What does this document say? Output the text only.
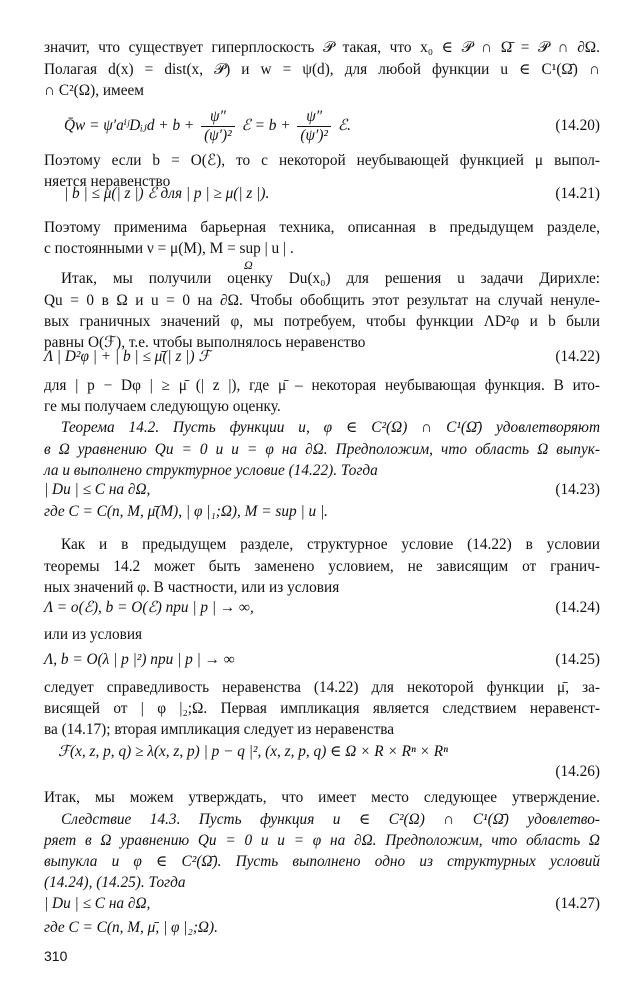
значит, что существует гиперплоскость 𝒫 такая, что x₀ ∈ 𝒫 ∩ Ω̄ = 𝒫 ∩ ∂Ω.
Полагая d(x) = dist(x, 𝒫) и w = ψ(d), для любой функции u ∈ C¹(Ω̄) ∩
∩ C²(Ω), имеем
Q̄w = ψ′aⁱʲDᵢⱼd + $b + \frac{\psi''}{\text{(ψ′)²}}$ ℰ = $b + \frac{\psi''}{\text{(ψ′)²}}$ ℰ.	(14.20)
Поэтому если b = O(ℰ), то с некоторой неубывающей функцией μ выпол-
няется неравенство
| b | ≤ μ(| z |) ℰ для | p | ≥ μ(| z |).	(14.21)
Поэтому применима барьерная техника, описанная в предыдущем разделе,
с постоянными ν = μ(M), M = sup | u | .
Ω
Итак, мы получили оценку Du(x₀) для решения u задачи Дирихле:
Qu = 0 в Ω и u = 0 на ∂Ω. Чтобы обобщить этот результат на случай ненуле-
вых граничных значений φ, мы потребуем, чтобы функции ΛD²φ и b были
равны O(ℱ), т.е. чтобы выполнялось неравенство
Λ | D²φ | + | b | ≤ μ̄(| z |) ℱ	(14.22)
для | p − Dφ | ≥ μ̄ (| z |), где μ̄ – некоторая неубывающая функция. В ито-
ге мы получаем следующую оценку.
Теорема 14.2. Пусть функции u, φ ∈ C²(Ω) ∩ C¹(Ω̄) удовлетворяют
в Ω уравнению Qu = 0 и u = φ на ∂Ω. Предположим, что область Ω выпук-
ла и выполнено структурное условие (14.22). Тогда
| Du | ≤ C на ∂Ω,	(14.23)
где C = C(n, M, μ̄(M), | φ |₁;Ω), M = sup | u |.
Как и в предыдущем разделе, структурное условие (14.22) в условии
теоремы 14.2 может быть заменено условием, не зависящим от гранич-
ных значений φ. В частности, или из условия
Λ = o(ℰ), b = O(ℰ) при | p | → ∞,	(14.24)
или из условия
Λ, b = O(λ | p |²) при | p | → ∞	(14.25)
следует справедливость неравенства (14.22) для некоторой функции μ̄, за-
висящей от | φ |₂;Ω. Первая импликация является следствием неравенст-
ва (14.17); вторая импликация следует из неравенства
ℱ(x, z, p, q) ≥ λ(x, z, p) | p − q |², (x, z, p, q) ∈ Ω × R × Rⁿ × Rⁿ
(14.26)
Итак, мы можем утверждать, что имеет место следующее утверждение.
Следствие 14.3. Пусть функция u ∈ C²(Ω) ∩ C¹(Ω̄) удовлетво-
ряет в Ω уравнению Qu = 0 и u = φ на ∂Ω. Предположим, что область Ω
выпукла и φ ∈ C²(Ω̄). Пусть выполнено одно из структурных условий
(14.24), (14.25). Тогда
| Du | ≤ C на ∂Ω,	(14.27)
где C = C(n, M, μ̄, | φ |₂;Ω).
310
